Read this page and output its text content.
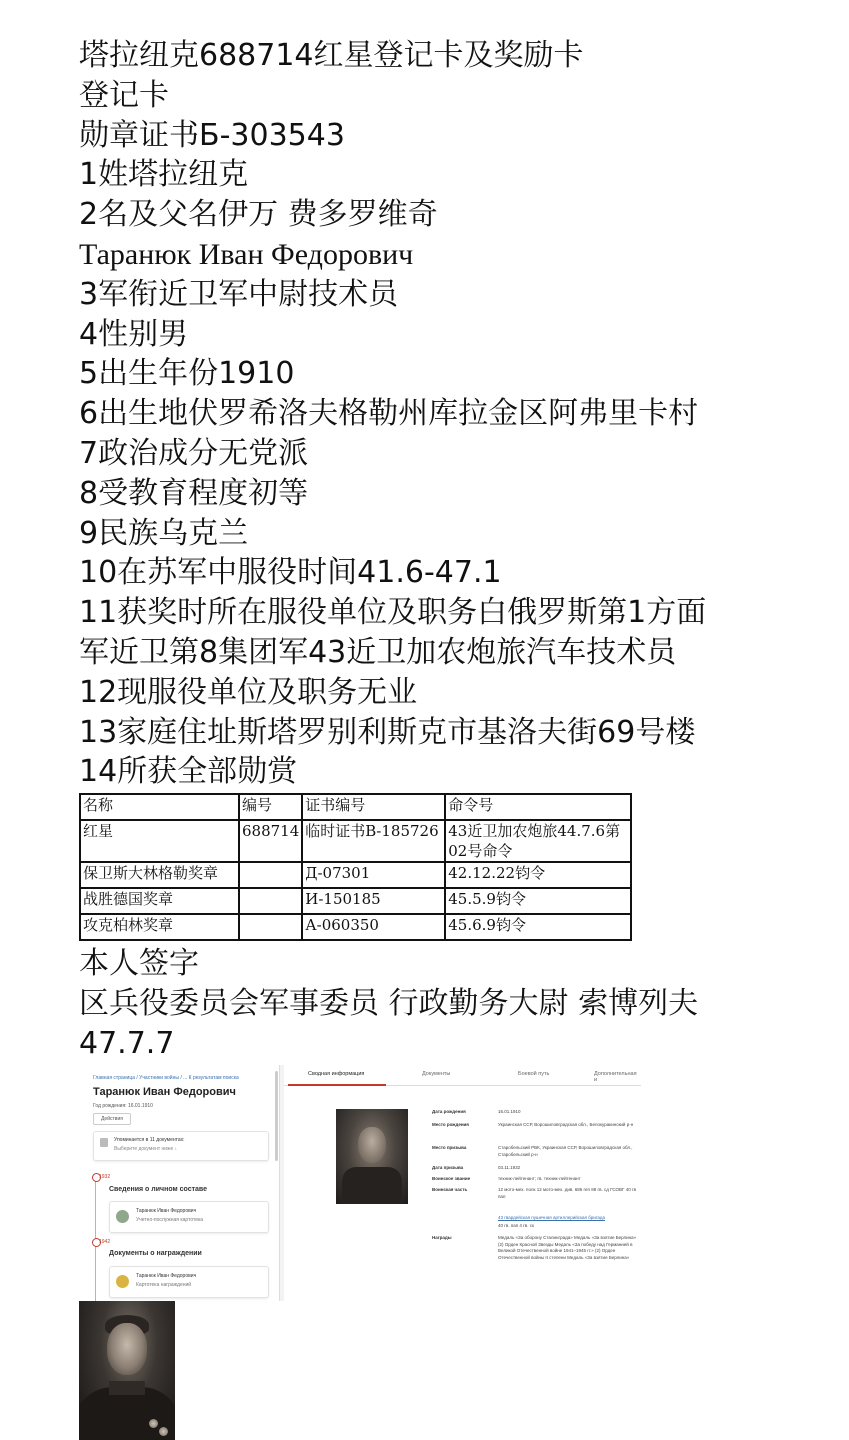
塔拉纽克688714红星登记卡及奖励卡
登记卡
勋章证书Б-303543
1姓塔拉纽克
2名及父名伊万 费多罗维奇
Таранюк Иван Федорович
3军衔近卫军中尉技术员
4性别男
5出生年份1910
6出生地伏罗希洛夫格勒州库拉金区阿弗里卡村
7政治成分无党派
8受教育程度初等
9民族乌克兰
10在苏军中服役时间41.6-47.1
11获奖时所在服役单位及职务白俄罗斯第1方面
军近卫第8集团军43近卫加农炮旅汽车技术员
12现服役单位及职务无业
13家庭住址斯塔罗别利斯克市基洛夫街69号楼
14所获全部勋赏
名称	编号	证书编号	命令号
红星	688714	临时证书В-185726	43近卫加农炮旅44.7.6第02号命令
保卫斯大林格勒奖章		Д-07301	42.12.22钧令
战胜德国奖章		И-150185	45.5.9钧令
攻克柏林奖章		А-060350	45.6.9钧令
本人签字
区兵役委员会军事委员 行政勤务大尉 索博列夫
47.7.7
Главная страница / Участники войны / ... К результатам поиска
Таранюк Иван Федорович
Год рождения: 16.01.1910
Действия
Упоминается в 11 документах:
Выберите документ ниже ↓
1932
Сведения о личном составе
Таранюк Иван Федорович
Учетно-послужная картотека
1942
Документы о награждении
Таранюк Иван Федорович
Картотека награждений
Сводная информация	Документы	Боевой путь	Дополнительная и
Дата рождения	16.01.1910
Место рождения	Украинская ССР, Ворошиловградская обл., Белокуракинский р-н
Место призыва	Старобельский РВК, Украинская ССР, Ворошиловградская обл., Старобельский р-н
Дата призыва	03.11.1932
Воинское звание	техник-лейтенант; гв. техник-лейтенант
Воинская часть	12 мото-мех. полк 12 мото-мех. див. 686 геп 88 гв. сд ГСОВГ 40 гв пап
43 гвардейская пушечная артиллерийская бригада
40 гв. пап 4 гв. ск
Награды	Медаль «За оборону Сталинграда» Медаль «За взятие Берлина» (2) Орден Красной Звезды Медаль «За победу над Германией в Великой Отечественной войне 1941–1945 гг.» (2) Орден Отечественной войны II степени Медаль «За взятие Берлина»
